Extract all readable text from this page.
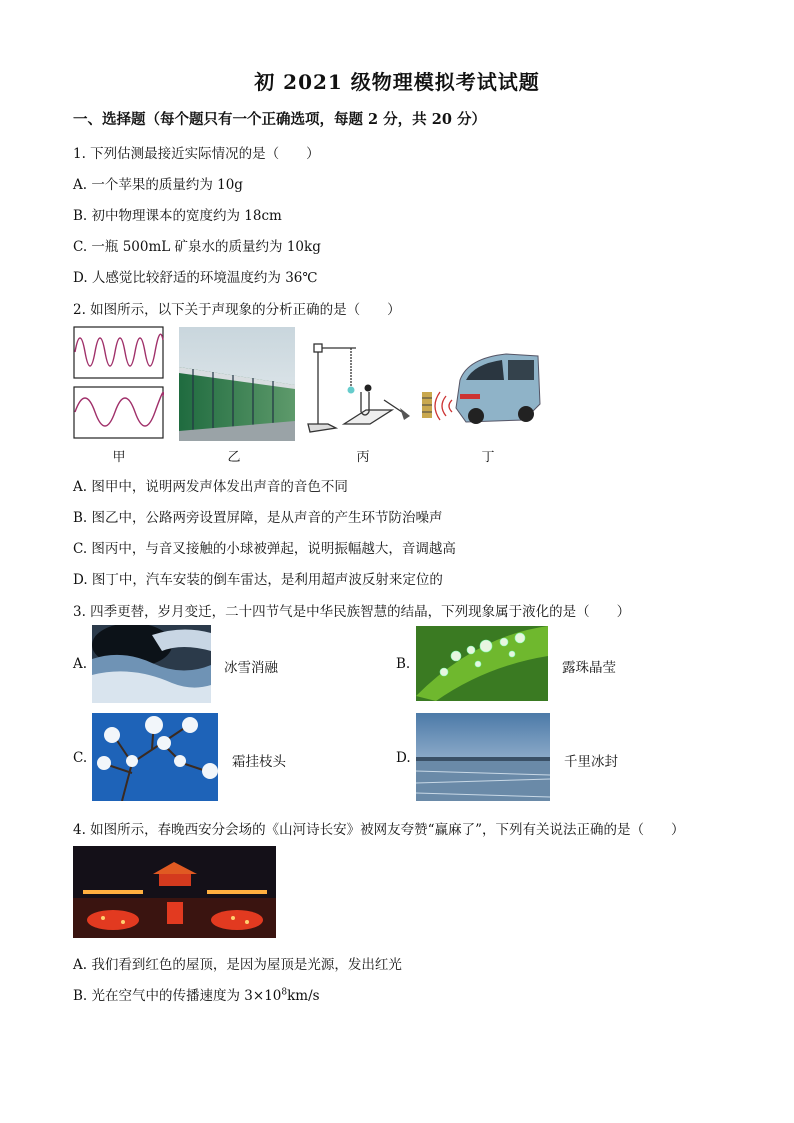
初 2021 级物理模拟考试试题
一、选择题（每个题只有一个正确选项，每题 2 分，共 20 分）
1. 下列估测最接近实际情况的是（　　）
A. 一个苹果的质量约为 10g
B. 初中物理课本的宽度约为 18cm
C. 一瓶 500mL 矿泉水的质量约为 10kg
D. 人感觉比较舒适的环境温度约为 36℃
2. 如图所示，以下关于声现象的分析正确的是（　　）
甲	乙	丙	丁
A. 图甲中，说明两发声体发出声音的音色不同
B. 图乙中，公路两旁设置屏障，是从声音的产生环节防治噪声
C. 图丙中，与音叉接触的小球被弹起，说明振幅越大，音调越高
D. 图丁中，汽车安装的倒车雷达，是利用超声波反射来定位的
3. 四季更替，岁月变迁，二十四节气是中华民族智慧的结晶，下列现象属于液化的是（　　）
A.	冰雪消融	B.	露珠晶莹
C.	霜挂枝头	D.	千里冰封
4. 如图所示，春晚西安分会场的《山河诗长安》被网友夸赞“赢麻了”，下列有关说法正确的是（　　）
A. 我们看到红色的屋顶，是因为屋顶是光源，发出红光
B. 光在空气中的传播速度为 $3\times 10^8km/s$
